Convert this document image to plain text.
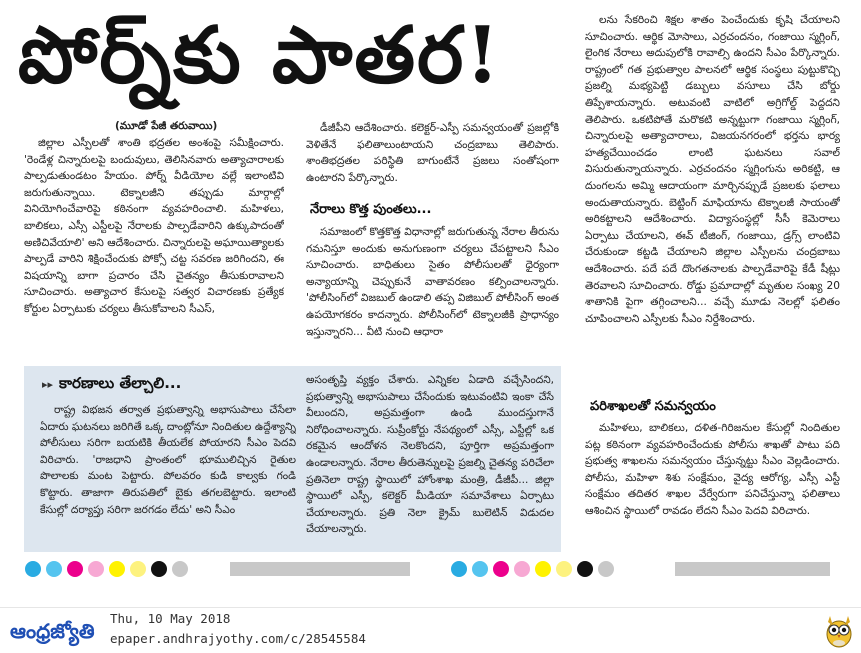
పోర్న్‌కు పాతర!
(మూడో పేజీ తరువాయి)

జిల్లాల ఎస్పీలతో శాంతి భద్రతల అంశంపై సమీక్షించారు. 'రెండేళ్ల చిన్నారులపై బందువులు, తెలిసినవారు అత్యాచారాలకు పాల్పడుతుండటం హేయం. పోర్న్ వీడియోల వల్లే ఇలాంటివి జరుగుతున్నాయి. టెక్నాలజీని తప్పుడు మార్గాల్లో వినియోగించేవారిపై కఠినంగా వ్యవహరించాలి. మహిళలు, బాలికలు, ఎస్సీ ఎస్టీలపై నేరాలకు పాల్పడేవారిని ఉక్కుపాదంతో అణిచివేయాలి' అని ఆదేశించారు. చిన్నారులపై అఘాయిత్యాలకు పాల్పడే వారిని శిక్షించేందుకు పోక్సో చట్ట సవరణ జరిగిందని, ఈ విషయాన్ని బాగా ప్రచారం చేసి చైతన్యం తీసుకురావాలని సూచించారు. అత్యాచార కేసులపై సత్వర విచారణకు ప్రత్యేక కోర్టుల ఏర్పాటుకు చర్యలు తీసుకోవాలని సీఎస్,

డీజీపీని ఆదేశించారు. కలెక్టర్-ఎస్పీ సమన్వయంతో ప్రజల్లోకి వెళితేనే ఫలితాలుంటాయని చంద్రబాబు తెలిపారు. శాంతిభద్రతల పరిస్థితి బాగుంటేనే ప్రజలు సంతోషంగా ఉంటారని పేర్కొన్నారు.

నేరాలు కొత్త పుంతలు...

సమాజంలో కొత్తకొత్త విధానాల్లో జరుగుతున్న నేరాల తీరును గమనిస్తూ అందుకు అనుగుణంగా చర్యలు చేపట్టాలని సీఎం సూచించారు. బాధితులు సైతం పోలీసులతో ధైర్యంగా అన్యాయాన్ని చెప్పుకునే వాతావరణం కల్పించాలన్నారు. 'పోలీసింగ్‌లో విజబుల్ ఉండాలి తప్ప విజిబుల్ పోలీసింగ్ అంత ఉపయోగకరం కాదన్నారు. పోలీసింగ్‌లో టెక్నాలజీకి ప్రాధాన్యం ఇస్తున్నారని... వీటి నుంచి ఆధారా

లను సేకరించి శిక్షల శాతం పెంచేందుకు కృషి చేయాలని సూచించారు. ఆర్థిక మోసాలు, ఎర్రచందనం, గంజాయి స్మగ్లింగ్, లైంగిక నేరాలు అదుపులోకి రావాల్సి ఉందని సీఎం పేర్కొన్నారు. రాష్ట్రంలో గత ప్రభుత్వాల పాలనలో ఆర్థిక సంస్థలు పుట్టుకొచ్చి ప్రజల్ని మభ్యపెట్టి డబ్బులు వసూలు చేసి బోర్డు తిప్పేశాయన్నారు. అటువంటి వాటిలో అగ్రిగోల్డ్ పెద్దదని తెలిపారు. ఒకటిపోతే మరొకటి అన్నట్టుగా గంజాయి స్మగ్లింగ్, చిన్నారులపై అత్యాచారాలు, విజయనగరంలో భర్తను భార్య హత్యచేయించడం లాంటి ఘటనలు సవాల్ విసురుతున్నాయన్నారు. ఎర్రచందనం స్మగ్లింగును అరికట్టి, ఆ దుంగలను అమ్మి ఆదాయంగా మార్చినప్పుడే ప్రజలకు ఫలాలు అందుతాయన్నారు. బెట్టింగ్ మాఫియాను టెక్నాలజీ సాయంతో అరికట్టాలని ఆదేశించారు. విద్యాసంస్థల్లో సీసీ కెమెరాలు ఏర్పాటు చేయాలని, ఈవ్ టీజింగ్, గంజాయి, డ్రగ్స్ లాంటివి చేరుకుండా కట్టడి చేయాలని జిల్లాల ఎస్పీలను చంద్రబాబు ఆదేశించారు. పదే పదే దొంగతనాలకు పాల్పడేవారిపై కేడీ షీట్లు తెరవాలని సూచించారు. రోడ్డు ప్రమాదాల్లో మృతుల సంఖ్య 20 శాతానికి పైగా తగ్గించాలని... వచ్చే మూడు నెలల్లో ఫలితం చూపించాలని ఎస్పీలకు సీఎం నిర్దేశించారు.

పరిశాఖలతో సమన్వయం

మహిళలు, బాలికలు, దళిత-గిరిజనుల కేసుల్లో నిందితుల పట్ల కఠినంగా వ్యవహరించేందుకు పోలీసు శాఖతో పాటు పది ప్రభుత్వ శాఖలను సమన్వయం చేస్తున్నట్టు సీఎం వెల్లడించారు. పోలీసు, మహిళా శిశు సంక్షేమం, వైద్య ఆరోగ్య, ఎస్సీ ఎస్టీ సంక్షేమం తదితర శాఖల వేర్వేరుగా పనిచేస్తున్నా ఫలితాలు ఆశించిన స్థాయిలో రావడం లేదని సీఎం పెదవి విరిచారు.

▸▸ కారణాలు తేల్చాలి...

రాష్ట్ర విభజన తర్వాత ప్రభుత్వాన్ని అభాసుపాలు చేసేలా ఏదారు ఘటనలు జరిగితే ఒక్క దాంట్లోనూ నిందితుల ఉద్దేశ్యాన్ని పోలీసులు సరిగా బయటికి తీయలేక పోయారని సీఎం పెదవి విరిచారు. 'రాజధాని ప్రాంతంలో భూములిచ్చిన రైతుల పొలాలకు మంట పెట్టారు. పోలవరం కుడి కాల్వకు గండి కొట్టారు. తాజాగా తిరుపతిలో బైకు తగలబెట్టారు. ఇలాంటి కేసుల్లో దర్యాప్తు సరిగా జరగడం లేదు' అని సీఎం

అసంతృప్తి వ్యక్తం చేశారు. ఎన్నికల ఏడాది వచ్చేసిందని, ప్రభుత్వాన్ని అభాసుపాలు చేసేందుకు ఇటువంటివి ఇంకా చేసే వీలుందని, అప్రమత్తంగా ఉండి ముందస్తుగానే నిరోధించాలన్నారు. సుప్రీంకోర్టు నేపథ్యంలో ఎస్సీ, ఎస్టీల్లో ఒక రకమైన ఆందోళన నెలకొందని, పూర్తిగా అప్రమత్తంగా ఉండాలన్నారు. నేరాల తీరుతెన్నులపై ప్రజల్ని చైతన్య పరిచేలా ప్రతినెలా రాష్ట్ర స్థాయిలో హోంశాఖ మంత్రి, డీజీపీ... జిల్లా స్థాయిలో ఎస్పీ, కలెక్టర్ మీడియా సమావేశాలు ఏర్పాటు చేయాలన్నారు. ప్రతి నెలా క్రైమ్ బులెటిన్ విడుదల చేయాలన్నారు.

ఆంధ్రజ్యోతి
Thu, 10 May 2018
epaper.andhrajyothy.com/c/28545584
